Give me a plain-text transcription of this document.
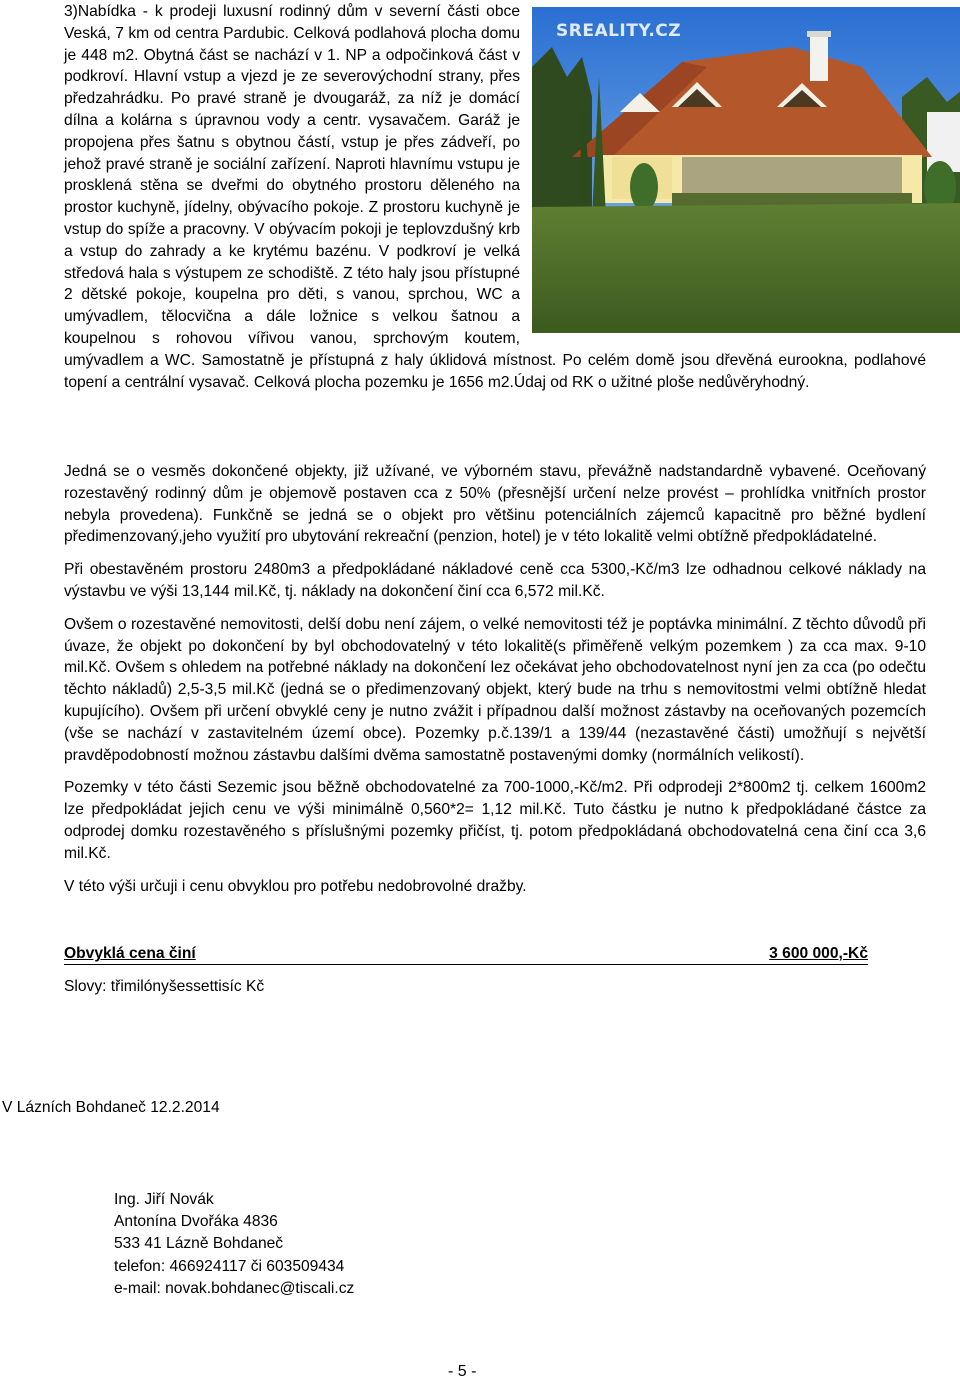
SREALITY.CZ

3)Nabídka - k prodeji luxusní rodinný dům v severní části obce Veská, 7 km od centra Pardubic. Celková podlahová plocha domu je 448 m2. Obytná část se nachází v 1. NP a odpočinková část v podkroví. Hlavní vstup a vjezd je ze severovýchodní strany, přes předzahrádku. Po pravé straně je dvougaráž, za níž je domácí dílna a kolárna s úpravnou vody a centr. vysavačem. Garáž je propojena přes šatnu s obytnou částí, vstup je přes zádveří, po jehož pravé straně je sociální zařízení. Naproti hlavnímu vstupu je prosklená stěna se dveřmi do obytného prostoru děleného na prostor kuchyně, jídelny, obývacího pokoje. Z prostoru kuchyně je vstup do spíže a pracovny. V obývacím pokoji je teplovzdušný krb a vstup do zahrady a ke krytému bazénu. V podkroví je velká středová hala s výstupem ze schodiště. Z této haly jsou přístupné 2 dětské pokoje, koupelna pro děti, s vanou, sprchou, WC a umývadlem, tělocvična a dále ložnice s velkou šatnou a koupelnou s rohovou vířivou vanou, sprchovým koutem, umývadlem a WC. Samostatně je přístupná z haly úklidová místnost. Po celém domě jsou dřevěná eurookna, podlahové topení a centrální vysavač. Celková plocha pozemku je 1656 m2.Údaj od RK o užitné ploše nedůvěryhodný.

Jedná se o vesměs dokončené objekty, již užívané, ve výborném stavu, převážně nadstandardně vybavené. Oceňovaný rozestavěný rodinný dům je objemově postaven cca z 50% (přesnější určení nelze provést – prohlídka vnitřních prostor nebyla provedena). Funkčně se jedná se o objekt pro většinu potenciálních zájemců kapacitně pro běžné bydlení předimenzovaný,jeho využití pro ubytování rekreační (penzion, hotel) je v této lokalitě velmi obtížně předpokládatelné.

Při obestavěném prostoru 2480m3 a předpokládané nákladové ceně cca 5300,-Kč/m3 lze odhadnou celkové náklady na výstavbu ve výši 13,144 mil.Kč, tj. náklady na dokončení činí cca 6,572 mil.Kč.

Ovšem o rozestavěné nemovitosti, delší dobu není zájem, o velké nemovitosti též je poptávka minimální. Z těchto důvodů při úvaze, že objekt po dokončení by byl obchodovatelný v této lokalitě(s přiměřeně velkým pozemkem ) za cca max. 9-10 mil.Kč. Ovšem s ohledem na potřebné náklady na dokončení lez očekávat jeho obchodovatelnost nyní jen za cca (po odečtu těchto nákladů) 2,5-3,5 mil.Kč (jedná se o předimenzovaný objekt, který bude na trhu s nemovitostmi velmi obtížně hledat kupujícího). Ovšem při určení obvyklé ceny je nutno zvážit i případnou další možnost zástavby na oceňovaných pozemcích (vše se nachází v zastavitelném území obce). Pozemky p.č.139/1 a 139/44 (nezastavěné části) umožňují s největší pravděpodobností možnou zástavbu dalšími dvěma samostatně postavenými domky (normálních velikostí).

Pozemky v této části Sezemic jsou běžně obchodovatelné za 700-1000,-Kč/m2. Při odprodeji 2*800m2 tj. celkem 1600m2 lze předpokládat jejich cenu ve výši minimálně 0,560*2= 1,12 mil.Kč. Tuto částku je nutno k předpokládané částce za odprodej domku rozestavěného s příslušnými pozemky přičíst, tj. potom předpokládaná obchodovatelná cena činí cca 3,6 mil.Kč.

V této výši určuji i cenu obvyklou pro potřebu nedobrovolné dražby.

Obvyklá cena činí	3 600 000,-Kč
Slovy: třimilónyšessettisíc Kč
V Lázních Bohdaneč 12.2.2014
Ing. Jiří Novák
Antonína Dvořáka 4836
533 41 Lázně Bohdaneč
telefon: 466924117 či 603509434
e-mail: novak.bohdanec@tiscali.cz
- 5 -
